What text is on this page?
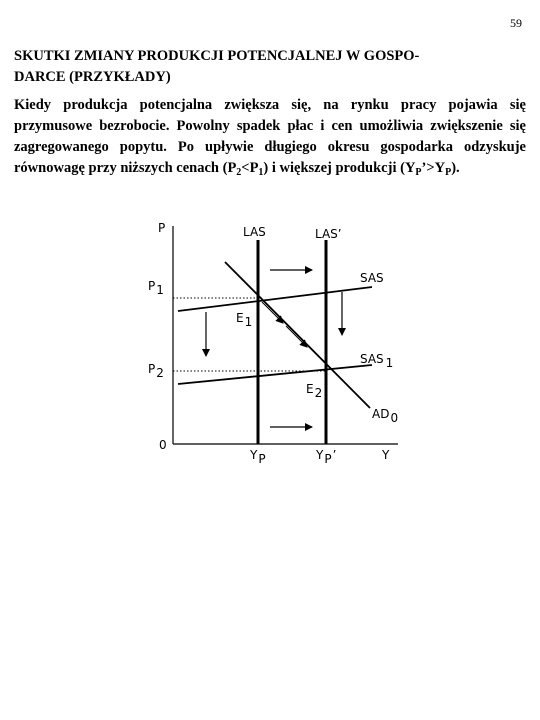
59
SKUTKI ZMIANY PRODUKCJI POTENCJALNEJ W GOSPO-
DARCE (PRZYKŁADY)

Kiedy produkcja potencjalna zwiększa się, na rynku pracy pojawia się przymusowe bezrobocie. Powolny spadek płac i cen umożliwia zwiększenie się zagregowanego popytu. Po upływie długiego okresu gospodarka odzyskuje równowagę przy niższych cenach $(P_2<P_1)$ i większej produkcji $(Y_P’>Y_P)$.

P
Y
0
LAS	LAS’
SAS
P1
P2
E1
E2
SAS 1
AD0
YP	YP’
